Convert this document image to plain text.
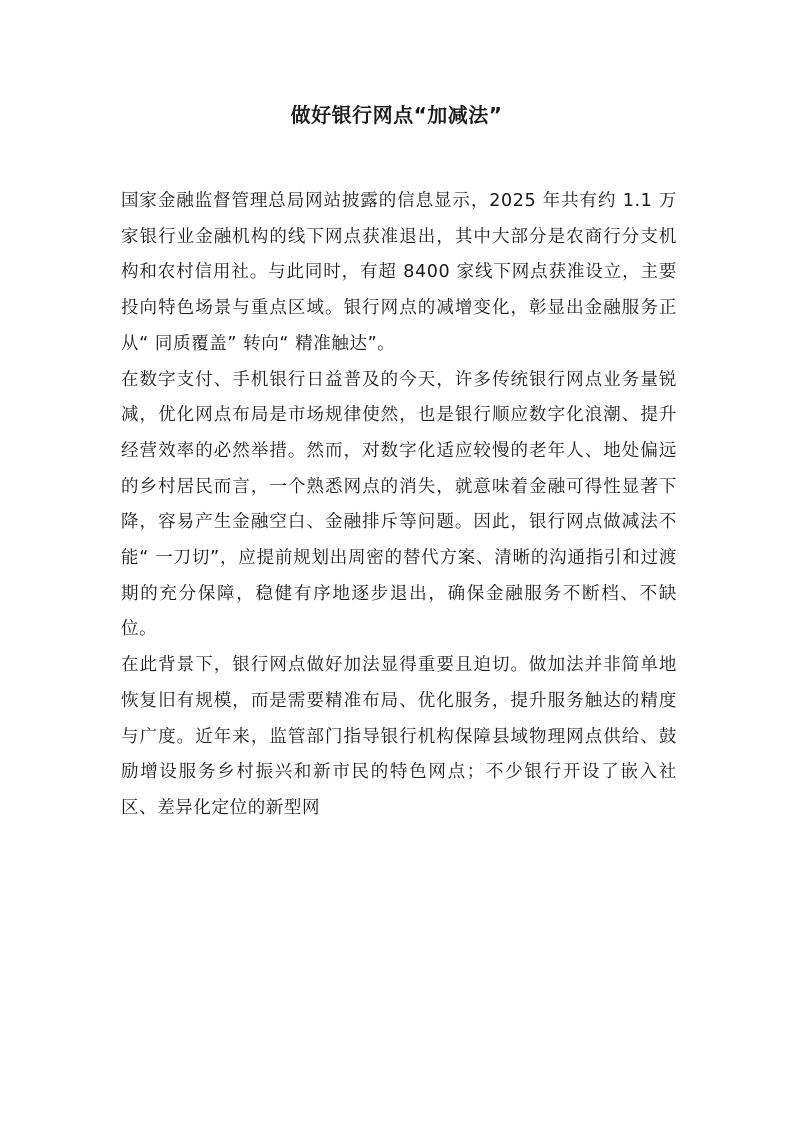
做好银行网点“加减法”

国家金融监督管理总局网站披露的信息显示，2025 年共有约 1.1 万家银行业金融机构的线下网点获准退出，其中大部分是农商行分支机构和农村信用社。与此同时，有超 8400 家线下网点获准设立，主要投向特色场景与重点区域。银行网点的减增变化，彰显出金融服务正从“ 同质覆盖” 转向“ 精准触达”。

在数字支付、手机银行日益普及的今天，许多传统银行网点业务量锐减，优化网点布局是市场规律使然，也是银行顺应数字化浪潮、提升经营效率的必然举措。然而，对数字化适应较慢的老年人、地处偏远的乡村居民而言，一个熟悉网点的消失，就意味着金融可得性显著下降，容易产生金融空白、金融排斥等问题。因此，银行网点做减法不能“ 一刀切”，应提前规划出周密的替代方案、清晰的沟通指引和过渡期的充分保障，稳健有序地逐步退出，确保金融服务不断档、不缺位。

在此背景下，银行网点做好加法显得重要且迫切。做加法并非简单地恢复旧有规模，而是需要精准布局、优化服务，提升服务触达的精度与广度。近年来，监管部门指导银行机构保障县域物理网点供给、鼓励增设服务乡村振兴和新市民的特色网点；不少银行开设了嵌入社区、差异化定位的新型网
